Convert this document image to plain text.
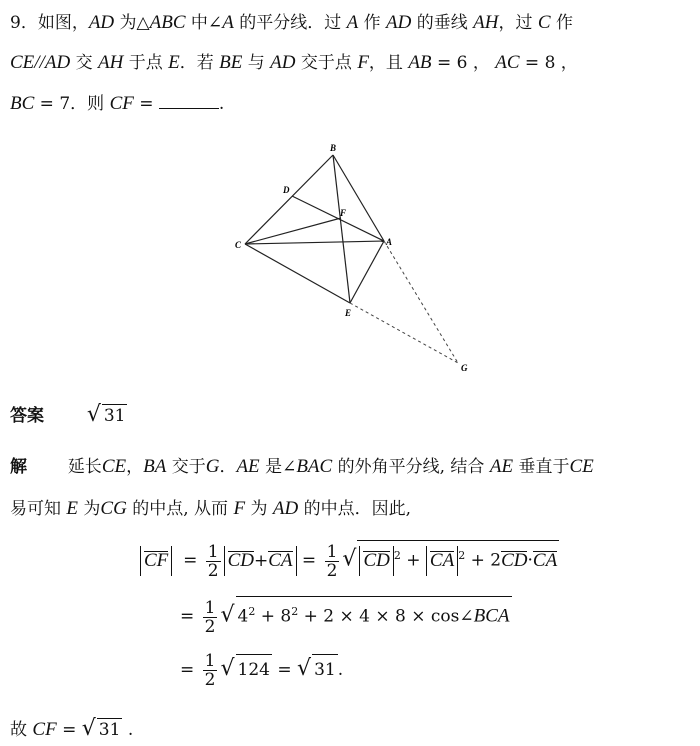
9．如图，AD 为△ABC 中∠A 的平分线．过 A 作 AD 的垂线 AH，过 C 作
CE//AD 交 AH 于点 E．若 BE 与 AD 交于点 F，且 AB = 6 ， AC = 8 ，
BC = 7．则 CF =	.
B
D
F
C	A
E
G
答案 √ 31
解 延长CE，BA 交于G．AE 是∠BAC 的外角平分线, 结合 AE 垂直于CE
易可知 E 为CG 的中点, 从而 F 为 AD 的中点．因此,
CF  = $\frac{1}{2} CD+CA = \frac{1}{2}$ √ CD $^2$ + CA $^2$ + 2CD·CA
= $\frac{1}{2}$ √ $4^2 + 8^2 + 2 \times 4 \times 8$ × cos∠BCA
= $\frac{1}{2}$ √ 124 = √ 31 .
故 CF = √ 31 .
